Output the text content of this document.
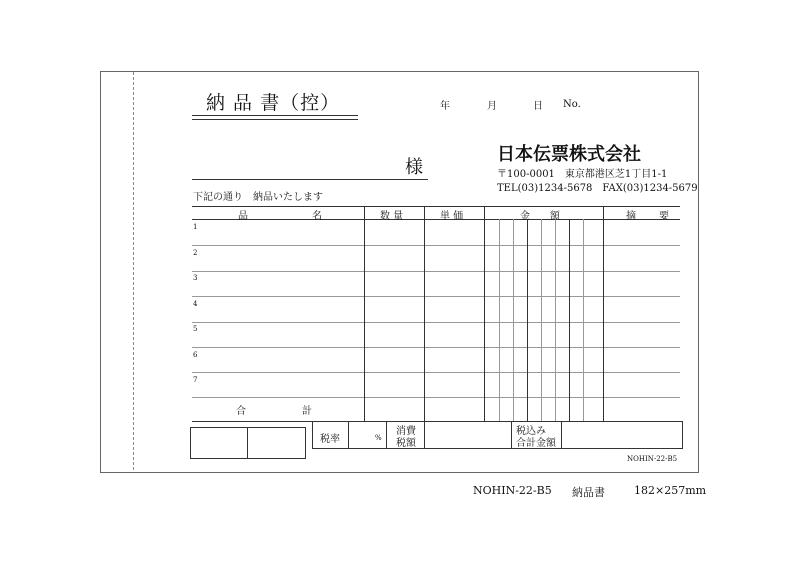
納 品 書（控）	年	月	日 No.
様
下記の通り　納品いたします
日本伝票株式会社
〒100-0001　東京都港区芝1丁目1-1
TEL(03)1234-5678　FAX(03)1234-5679
品	名	数 量	単 価	金 額	摘 要
1
2
3
4
5
6
7
合	計
税率	%
消費
税額
税込み
合計金額
NOHIN-22-B5
NOHIN-22-B5 納品書	182×257mm
